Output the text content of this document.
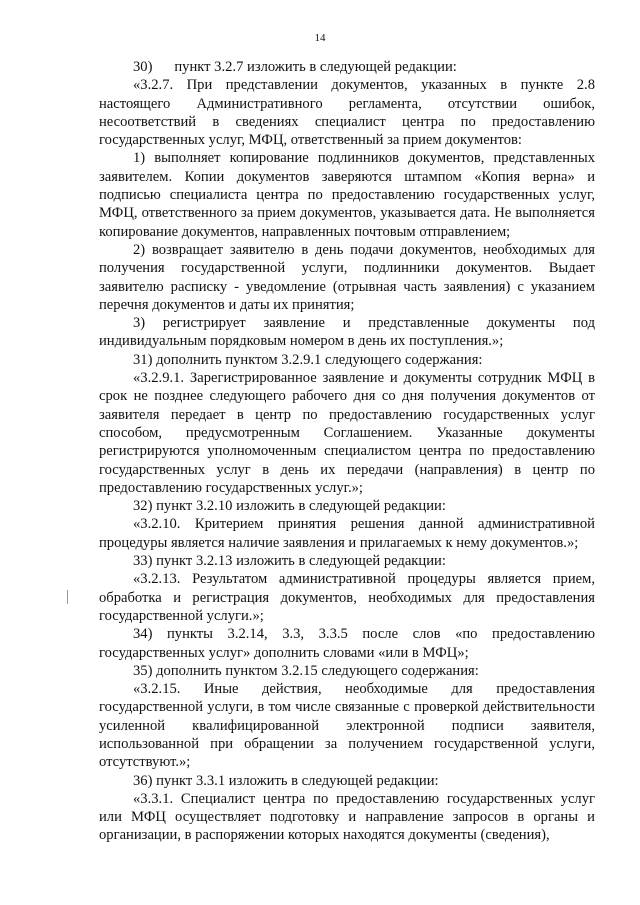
14

30)      пункт 3.2.7 изложить в следующей редакции:

«3.2.7. При представлении документов, указанных в пункте 2.8 настоящего Административного регламента, отсутствии ошибок, несоответствий в сведениях специалист центра по предоставлению государственных услуг, МФЦ, ответственный за прием документов:

1) выполняет копирование подлинников документов, представленных заявителем. Копии документов заверяются штампом «Копия верна» и подписью специалиста центра по предоставлению государственных услуг, МФЦ, ответственного за прием документов, указывается дата. Не выполняется копирование документов, направленных почтовым отправлением;

2) возвращает заявителю в день подачи документов, необходимых для получения государственной услуги, подлинники документов. Выдает заявителю расписку - уведомление (отрывная часть заявления) с указанием перечня документов и даты их принятия;

3) регистрирует заявление и представленные документы под индивидуальным порядковым номером в день их поступления.»;

31) дополнить пунктом 3.2.9.1 следующего содержания:

«3.2.9.1. Зарегистрированное заявление и документы сотрудник МФЦ в срок не позднее следующего рабочего дня со дня получения документов от заявителя передает в центр по предоставлению государственных услуг способом, предусмотренным Соглашением. Указанные документы регистрируются уполномоченным специалистом центра по предоставлению государственных услуг в день их передачи (направления) в центр по предоставлению государственных услуг.»;

32) пункт 3.2.10 изложить в следующей редакции:

«3.2.10. Критерием принятия решения данной административной процедуры является наличие заявления и прилагаемых к нему документов.»;

33) пункт 3.2.13 изложить в следующей редакции:

«3.2.13. Результатом административной процедуры является прием, обработка и регистрация документов, необходимых для предоставления государственной услуги.»;

34) пункты 3.2.14, 3.3, 3.3.5 после слов «по предоставлению государственных услуг» дополнить словами «или в МФЦ»;

35) дополнить пунктом 3.2.15 следующего содержания:

«3.2.15. Иные действия, необходимые для предоставления государственной услуги, в том числе связанные с проверкой действительности усиленной квалифицированной электронной подписи заявителя, использованной при обращении за получением государственной услуги, отсутствуют.»;

36) пункт 3.3.1 изложить в следующей редакции:

«3.3.1. Специалист центра по предоставлению государственных услуг или МФЦ осуществляет подготовку и направление запросов в органы и организации, в распоряжении которых находятся документы (сведения),
